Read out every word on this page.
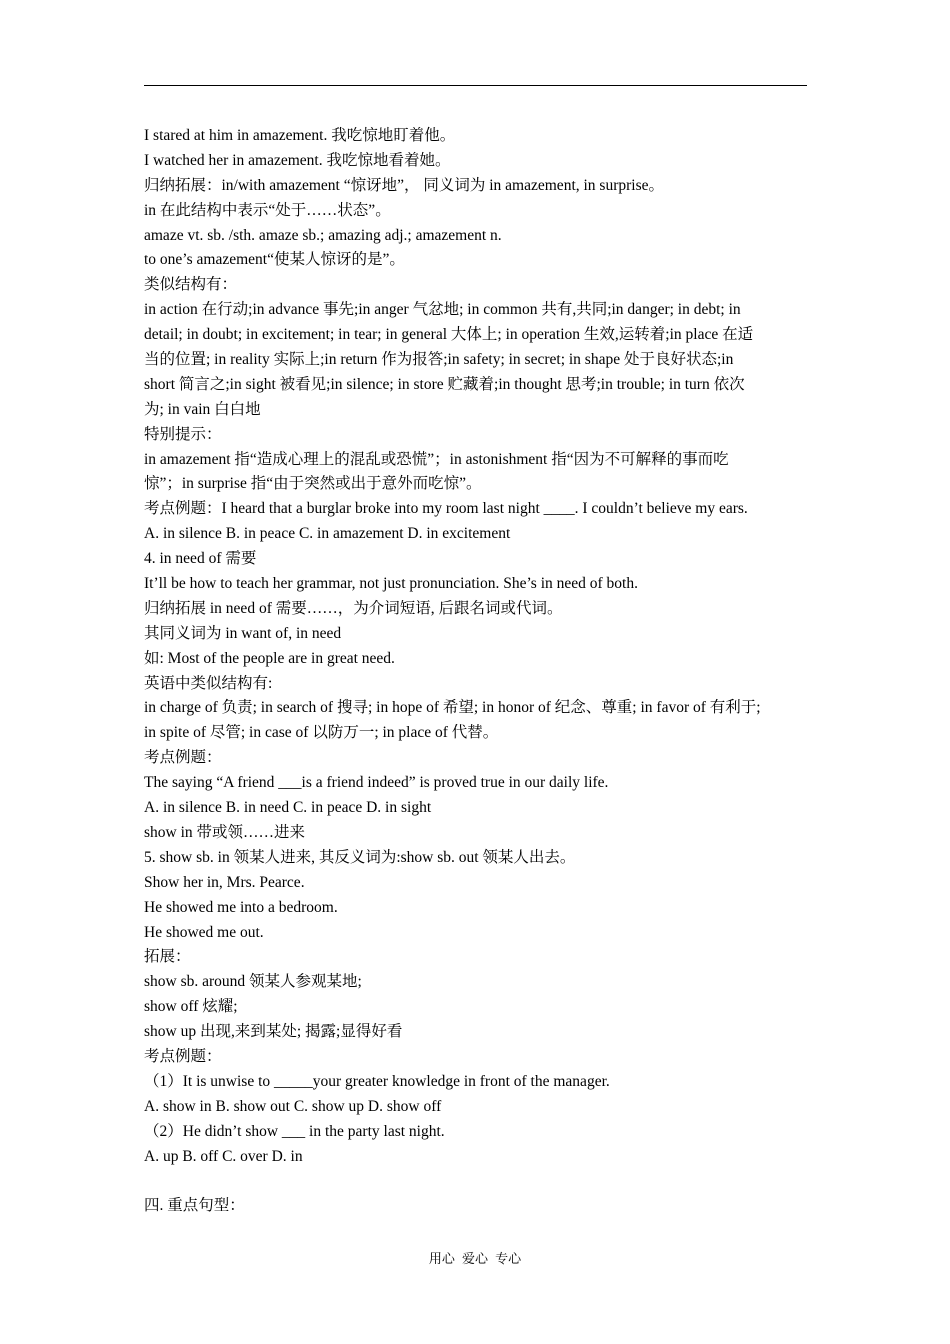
I stared at him in amazement. 我吃惊地盯着他。
I watched her in amazement. 我吃惊地看着她。
归纳拓展：in/with amazement “惊讶地”， 同义词为 in amazement, in surprise。
in 在此结构中表示“处于……状态”。
amaze vt. sb. /sth. amaze sb.; amazing adj.; amazement n.
to one’s amazement“使某人惊讶的是”。
类似结构有：
in action 在行动;in advance 事先;in anger 气忿地; in common 共有,共同;in danger; in debt; in
detail; in doubt; in excitement; in tear; in general 大体上; in operation 生效,运转着;in place 在适
当的位置; in reality 实际上;in return 作为报答;in safety; in secret; in shape 处于良好状态;in
short 简言之;in sight 被看见;in silence; in store 贮藏着;in thought 思考;in trouble; in turn 依次
为; in vain 白白地
特别提示：
in amazement 指“造成心理上的混乱或恐慌”；in astonishment 指“因为不可解释的事而吃
惊”；in surprise 指“由于突然或出于意外而吃惊”。
考点例题：I heard that a burglar broke into my room last night ____. I couldn’t believe my ears.
A. in silence B. in peace C. in amazement D. in excitement
4. in need of 需要
It’ll be how to teach her grammar, not just pronunciation. She’s in need of both.
归纳拓展 in need of 需要……，为介词短语, 后跟名词或代词。
其同义词为 in want of, in need
如: Most of the people are in great need.
英语中类似结构有:
in charge of 负责; in search of 搜寻; in hope of 希望; in honor of 纪念、尊重; in favor of 有利于;
in spite of 尽管; in case of 以防万一; in place of 代替。
考点例题：
The saying “A friend ___is a friend indeed” is proved true in our daily life.
A. in silence B. in need C. in peace D. in sight
show in 带或领……进来
5. show sb. in 领某人进来, 其反义词为:show sb. out 领某人出去。
Show her in, Mrs. Pearce.
He showed me into a bedroom.
He showed me out.
拓展：
show sb. around 领某人参观某地;
show off 炫耀;
show up 出现,来到某处; 揭露;显得好看
考点例题：
（1）It is unwise to _____your greater knowledge in front of the manager.
A. show in B. show out C. show up D. show off
（2）He didn’t show ___ in the party last night.
A. up B. off C. over D. in
四. 重点句型：
用心 爱心 专心
